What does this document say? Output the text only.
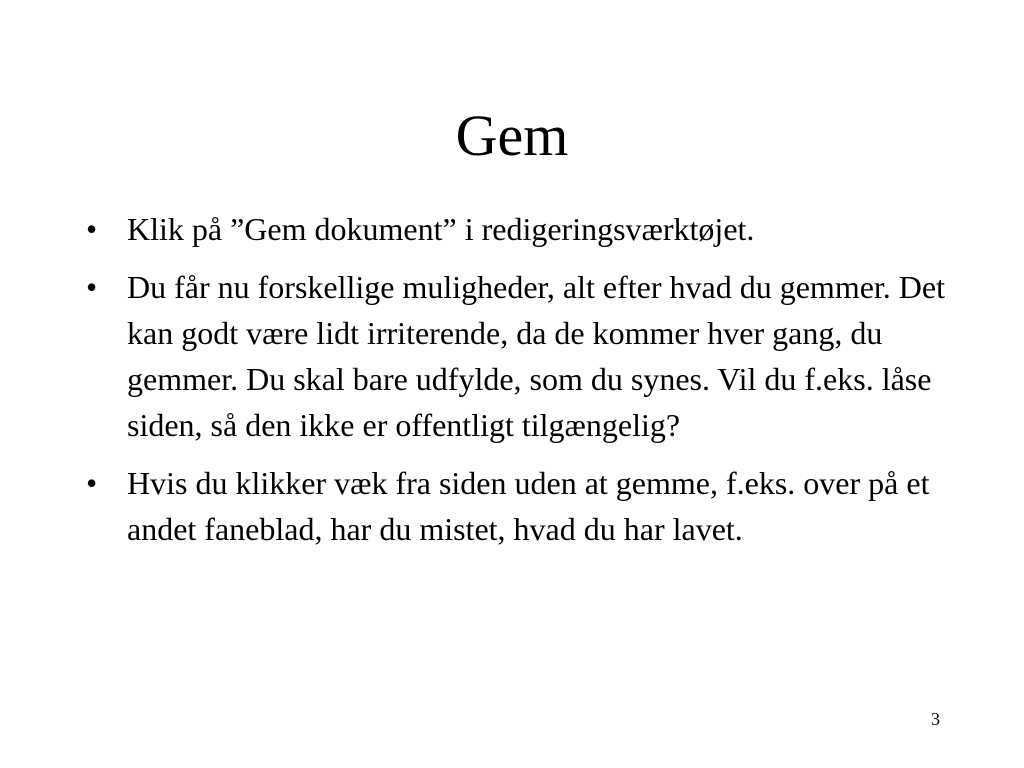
Gem
• Klik på ”Gem dokument” i redigeringsværktøjet.
• Du får nu forskellige muligheder, alt efter hvad du gemmer. Det kan godt være lidt irriterende, da de kommer hver gang, du gemmer. Du skal bare udfylde, som du synes. Vil du f.eks. låse siden, så den ikke er offentligt tilgængelig?
• Hvis du klikker væk fra siden uden at gemme, f.eks. over på et andet faneblad, har du mistet, hvad du har lavet.
3
